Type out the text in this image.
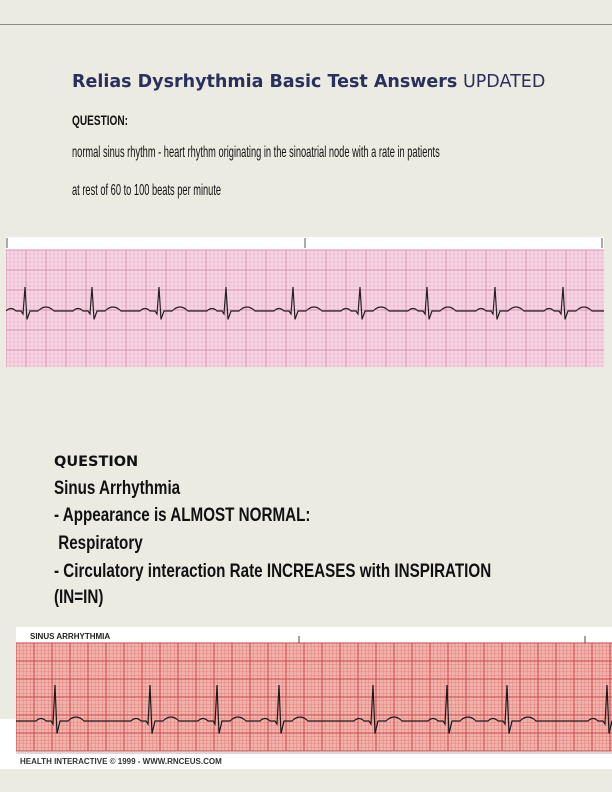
Relias Dysrhythmia Basic Test Answers UPDATED
QUESTION:
normal sinus rhythm - heart rhythm originating in the sinoatrial node with a rate in patients
at rest of 60 to 100 beats per minute
QUESTION
Sinus Arrhythmia
- Appearance is ALMOST NORMAL:
Respiratory
- Circulatory interaction Rate INCREASES with INSPIRATION
(IN=IN)
SINUS ARRHYTHMIA
HEALTH INTERACTIVE © 1999 - WWW.RNCEUS.COM
